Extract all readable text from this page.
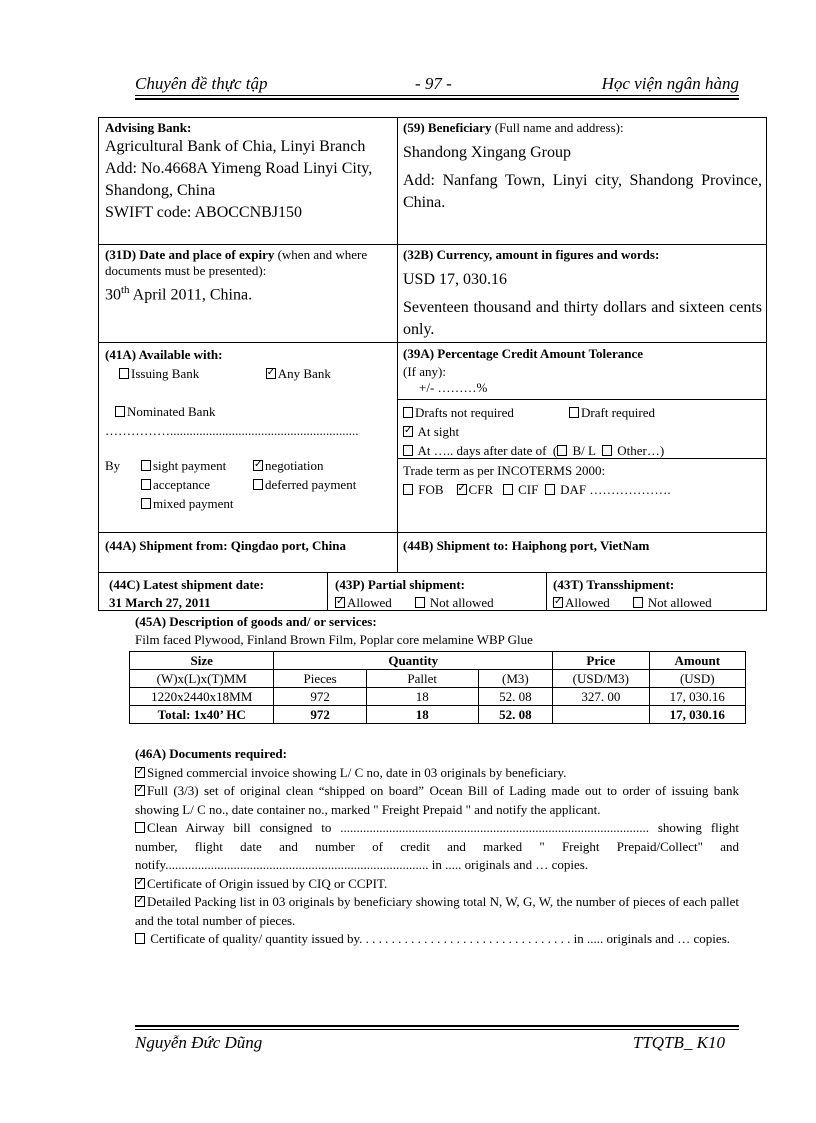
Chuyên đề thực tập	- 97 -	Học viện ngân hàng
Advising Bank:
Agricultural Bank of Chia, Linyi Branch
Add: No.4668A Yimeng Road Linyi City, Shandong, China
SWIFT code: ABOCCNBJ150
(59) Beneficiary (Full name and address):
Shandong Xingang Group
Add: Nanfang Town, Linyi city, Shandong Province, China.
(31D) Date and place of expiry (when and where documents must be presented):
30th April 2011, China.
(32B) Currency, amount in figures and words:
USD 17, 030.16
Seventeen thousand and thirty dollars and sixteen cents only.
(41A) Available with:
Issuing Bank ✓	Any Bank
Nominated Bank
……………..........................................................
By	sight payment ✓	negotiation
acceptance	deferred payment
mixed payment
(39A) Percentage Credit Amount Tolerance
(If any):
+/- ………%
Drafts not required	Draft required
✓ At sight
At ….. days after date of ( B/ L Other…)
Trade term as per INCOTERMS 2000:
FOB ✓ CFR CIF DAF ……………….
(44A) Shipment from: Qingdao port, China	(44B) Shipment to: Haiphong port, VietNam
(44C) Latest shipment date:
31 March 27, 2011
(43P) Partial shipment:
✓Allowed	Not allowed
(43T) Transshipment:
✓Allowed	Not allowed
(45A) Description of goods and/ or services:
Film faced Plywood, Finland Brown Film, Poplar core melamine WBP Glue
Size	Quantity			Price	Amount
(W)x(L)x(T)MM	Pieces	Pallet	(M3)	(USD/M3)	(USD)
1220x2440x18MM	972	18	52. 08	327. 00	17, 030.16
Total: 1x40’ HC	972	18	52. 08		17, 030.16

(46A) Documents required:

✓Signed commercial invoice showing L/ C no, date in 03 originals by beneficiary.

✓Full (3/3) set of original clean “shipped on board” Ocean Bill of Lading made out to order of issuing bank showing L/ C no., date container no., marked " Freight Prepaid " and notify the applicant.

Clean Airway bill consigned to ............................................................................................... showing flight number, flight date and number of credit and marked " Freight Prepaid/Collect" and notify................................................................................. in ..... originals and … copies.

✓Certificate of Origin issued by CIQ or CCPIT.

✓Detailed Packing list in 03 originals by beneficiary showing total N, W, G, W, the number of pieces of each pallet and the total number of pieces.

Certificate of quality/ quantity issued by. . . . . . . . . . . . . . . . . . . . . . . . . . . . . . . . . in ..... originals and … copies.

Nguyễn Đức Dũng	TTQTB_ K10
